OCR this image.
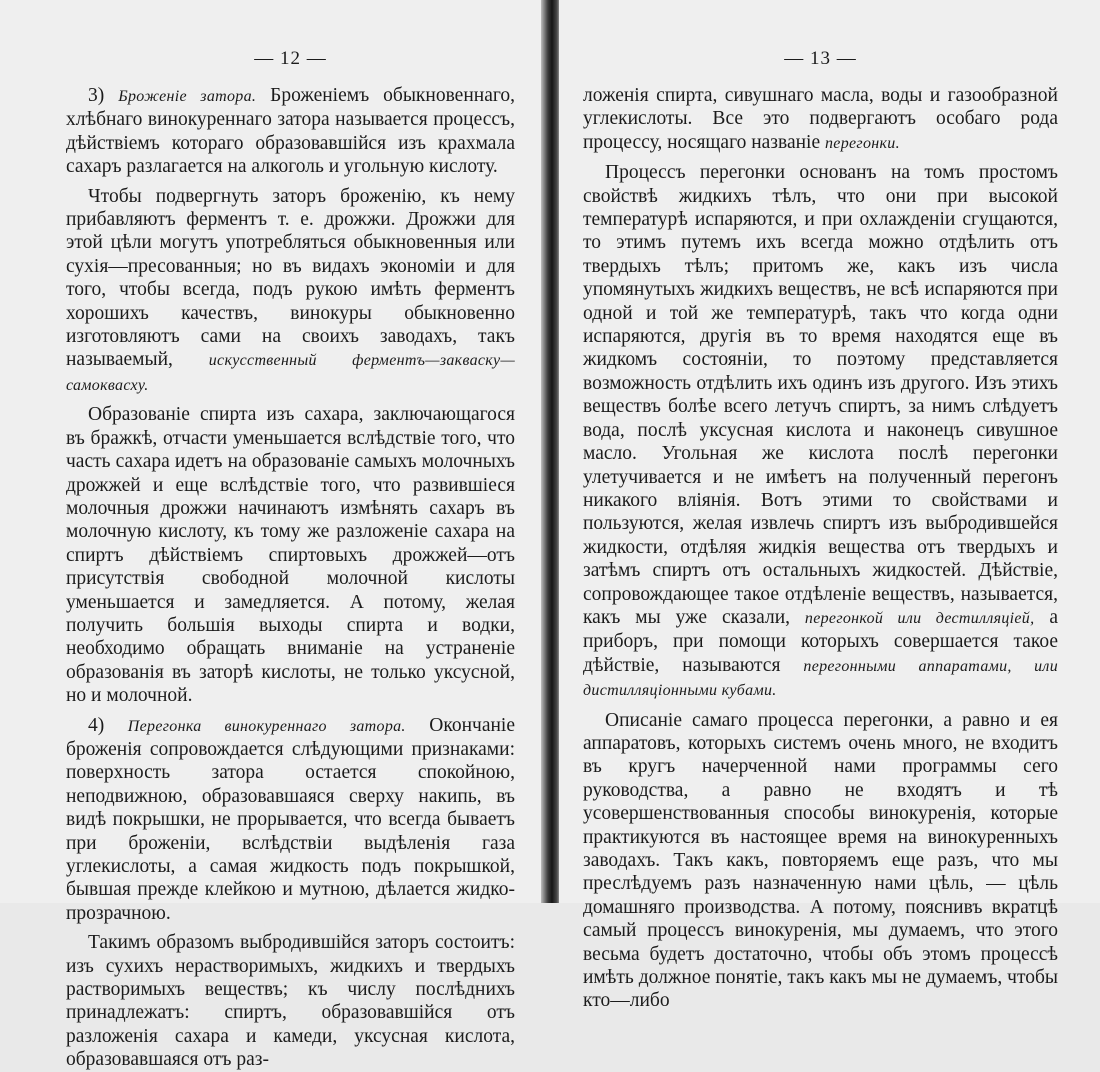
— 12 —

3) Броженіе затора. Броженіемъ обыкновеннаго, хлѣбнаго винокуреннаго затора называется процессъ, дѣйствіемъ котораго образовавшійся изъ крахмала сахаръ разлагается на алкоголь и угольную кислоту.

Чтобы подвергнуть заторъ броженію, къ нему прибавляютъ ферментъ т. е. дрожжи. Дрожжи для этой цѣли могутъ употребляться обыкновенныя или сухія—пресованныя; но въ видахъ экономіи и для того, чтобы всегда, подъ рукою имѣть ферментъ хорошихъ качествъ, винокуры обыкновенно изготовляютъ сами на своихъ заводахъ, такъ называемый, искусственный ферментъ—закваску—самоквасху.

Образованіе спирта изъ сахара, заключающагося въ бражкѣ, отчасти уменьшается вслѣдствіе того, что часть сахара идетъ на образованіе самыхъ молочныхъ дрожжей и еще вслѣдствіе того, что развившіеся молочныя дрожжи начинаютъ измѣнять сахаръ въ молочную кислоту, къ тому же разложеніе сахара на спиртъ дѣйствіемъ спиртовыхъ дрожжей—отъ присутствія свободной молочной кислоты уменьшается и замедляется. А потому, желая получить большія выходы спирта и водки, необходимо обращать вниманіе на устраненіе образованія въ заторѣ кислоты, не только уксусной, но и молочной.

4) Перегонка винокуреннаго затора. Окончаніе броженія сопровождается слѣдующими признаками: поверхность затора остается спокойною, неподвижною, образовавшаяся сверху накипь, въ видѣ покрышки, не прорывается, что всегда бываетъ при броженіи, вслѣдствіи выдѣленія газа углекислоты, а самая жидкость подъ покрышкой, бывшая прежде клейкою и мутною, дѣлается жидко-прозрачною.

Такимъ образомъ выбродившійся заторъ состоитъ: изъ сухихъ нерастворимыхъ, жидкихъ и твердыхъ растворимыхъ веществъ; къ числу послѣднихъ принадлежатъ: спиртъ, образовавшійся отъ разложенія сахара и камеди, уксусная кислота, образовавшаяся отъ раз-

— 13 —

ложенія спирта, сивушнаго масла, воды и газообразной углекислоты. Все это подвергаютъ особаго рода процессу, носящаго названіе перегонки.

Процессъ перегонки основанъ на томъ простомъ свойствѣ жидкихъ тѣлъ, что они при высокой температурѣ испаряются, и при охлажденіи сгущаются, то этимъ путемъ ихъ всегда можно отдѣлить отъ твердыхъ тѣлъ; притомъ же, какъ изъ числа упомянутыхъ жидкихъ веществъ, не всѣ испаряются при одной и той же температурѣ, такъ что когда одни испаряются, другія въ то время находятся еще въ жидкомъ состояніи, то поэтому представляется возможность отдѣлить ихъ одинъ изъ другого. Изъ этихъ веществъ болѣе всего летучъ спиртъ, за нимъ слѣдуетъ вода, послѣ уксусная кислота и наконецъ сивушное масло. Угольная же кислота послѣ перегонки улетучивается и не имѣетъ на полученный перегонъ никакого вліянія. Вотъ этими то свойствами и пользуются, желая извлечь спиртъ изъ выбродившейся жидкости, отдѣляя жидкія вещества отъ твердыхъ и затѣмъ спиртъ отъ остальныхъ жидкостей. Дѣйствіе, сопровождающее такое отдѣленіе веществъ, называется, какъ мы уже сказали, перегонкой или дестилляціей, а приборъ, при помощи которыхъ совершается такое дѣйствіе, называются перегонными аппаратами, или дистилляціонными кубами.

Описаніе самаго процесса перегонки, а равно и ея аппаратовъ, которыхъ системъ очень много, не входитъ въ кругъ начерченной нами программы сего руководства, а равно не входятъ и тѣ усовершенствованныя способы винокуренія, которые практикуются въ настоящее время на винокуренныхъ заводахъ. Такъ какъ, повторяемъ еще разъ, что мы преслѣдуемъ разъ назначенную нами цѣль, — цѣль домашняго производства. А потому, пояснивъ вкратцѣ самый процессъ винокуренія, мы думаемъ, что этого весьма будетъ достаточно, чтобы объ этомъ процессѣ имѣть должное понятіе, такъ какъ мы не думаемъ, чтобы кто—либо
